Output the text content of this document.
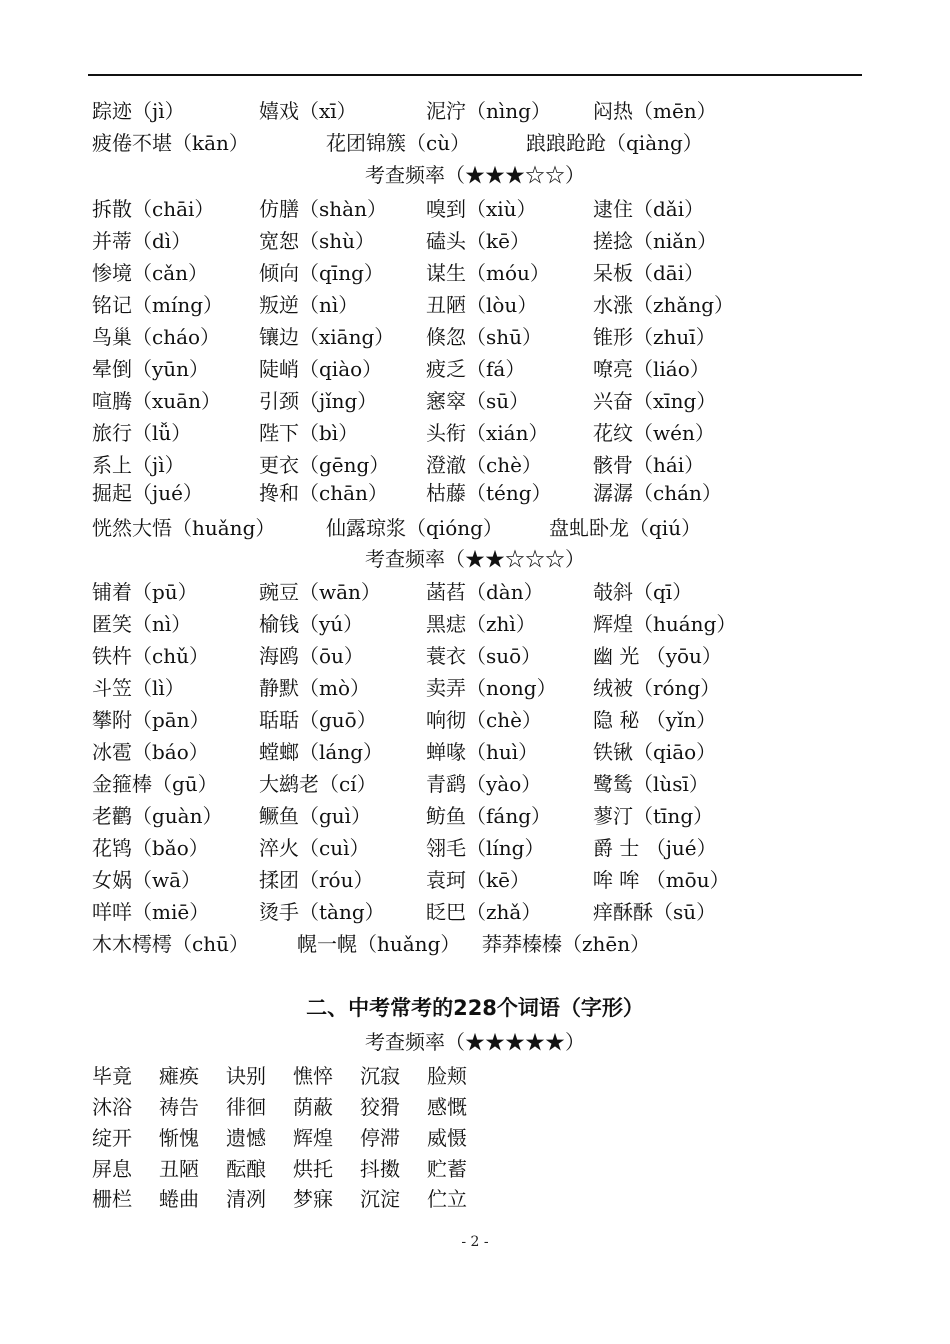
踪迹（jì）	嬉戏（xī）	泥泞（nìng） 闷热（mēn）
疲倦不堪（kān）	花团锦簇（cù）	踉踉跄跄（qiàng）
考查频率（★★★☆☆）
拆散（chāi） 仿膳（shàn） 嗅到（xiù）	逮住（dǎi）
并蒂（dì）	宽恕（shù）	磕头（kē）	搓捻（niǎn）
惨境（cǎn）	倾向（qīng） 谋生（móu） 呆板（dāi）
铭记（míng） 叛逆（nì）	丑陋（lòu）	水涨（zhǎng）
鸟巢（cháo） 镶边（xiāng） 倏忽（shū）	锥形（zhuī）
晕倒（yūn） 陡峭（qiào） 疲乏（fá）	嘹亮（liáo）
喧腾（xuān） 引颈（jǐng） 窸窣（sū）	兴奋（xīng）
旅行（lǚ）	陛下（bì）	头衔（xián） 花纹（wén）
系上（jì）	更衣（gēng） 澄澈（chè）	骸骨（hái）
掘起（jué）	搀和（chān） 枯藤（téng） 潺潺（chán）
恍然大悟（huǎng）	仙露琼浆（qióng） 盘虬卧龙（qiú）
考查频率（★★☆☆☆）
铺着（pū）	豌豆（wān） 菡萏（dàn） 攲斜（qī）
匿笑（nì）	榆钱（yú）	黑痣（zhì）	辉煌（huáng）
铁杵（chǔ）	海鸥（ōu）	蓑衣（suō）	幽 光 （yōu）
斗笠（lì）	静默（mò）	卖弄（nong） 绒被（róng）
攀附（pān） 聒聒（guō） 响彻（chè）	隐 秘 （yǐn）
冰雹（báo）	螳螂（láng） 蝉喙（huì）	铁锹（qiāo）
金箍棒（gū） 大鹚老（cí） 青鹞（yào）	鹭鸶（lùsī）
老鹳（guàn） 鳜鱼（guì）	鲂鱼（fáng） 蓼汀（tīng）
花鸨（bǎo）	淬火（cuì）	翎毛（líng） 爵 士 （jué）
女娲（wā）	揉团（róu）	袁珂（kē）	哞 哞 （mōu）
咩咩（miē） 烫手（tàng） 眨巴（zhǎ）	痒酥酥（sū）
木木樗樗（chū） 幌一幌（huǎng） 莽莽榛榛（zhēn）
二、中考常考的228个词语（字形）
考查频率（★★★★★）
毕竟 瘫痪 诀别 憔悴 沉寂 脸颊
沐浴 祷告 徘徊 荫蔽 狡猾 感慨
绽开 惭愧 遗憾 辉煌 停滞 威慑
屏息 丑陋 酝酿 烘托 抖擞 贮蓄
栅栏 蜷曲 清冽 梦寐 沉淀 伫立
- 2 -
